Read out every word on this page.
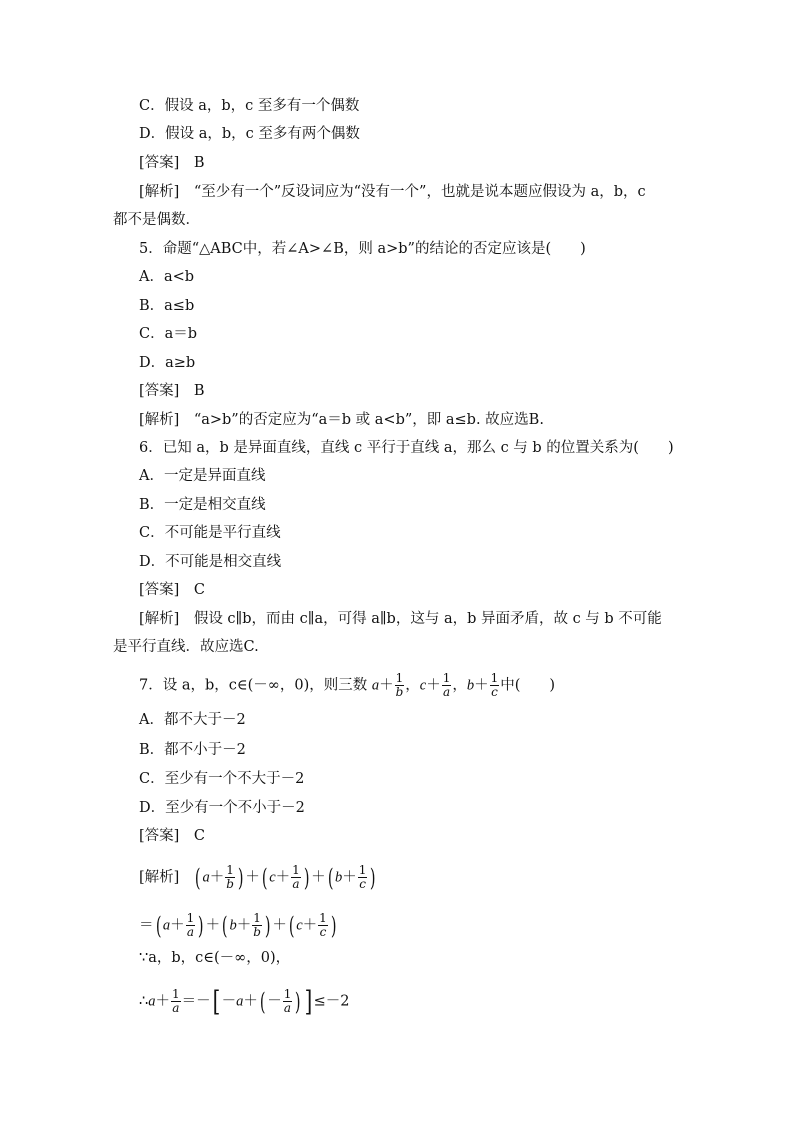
C．假设 a，b，c 至多有一个偶数
D．假设 a，b，c 至多有两个偶数
[答案]　B
[解析]　“至少有一个”反设词应为“没有一个”，也就是说本题应假设为 a，b，c
都不是偶数．
5．命题“△ABC中，若∠A>∠B，则 a>b”的结论的否定应该是(　　)
A．a<b
B．a≤b
C．a＝b
D．a≥b
[答案]　B
[解析]　“a>b”的否定应为“a＝b 或 a<b”，即 a≤b. 故应选B.
6．已知 a，b 是异面直线，直线 c 平行于直线 a，那么 c 与 b 的位置关系为(　　)
A．一定是异面直线
B．一定是相交直线
C．不可能是平行直线
D．不可能是相交直线
[答案]　C
[解析]　假设 c∥b，而由 c∥a，可得 a∥b，这与 a，b 异面矛盾，故 c 与 b 不可能
是平行直线．故应选C.
7．设 a，b，c∈(－∞，0)，则三数 $a+ \frac{1}{b}$ ，$c+ \frac{1}{a}$ ，$b+ \frac{1}{c}$ 中(　　)
A．都不大于－2
B．都不小于－2
C．至少有一个不大于－2
D．至少有一个不小于－2
[答案]　C
[解析] ( $a+ \frac{1}{b}$ ) ＋( $c+ \frac{1}{a}$ ) ＋( $b+ \frac{1}{c}$ )
＝( $a+ \frac{1}{a}$ ) ＋( $b+ \frac{1}{b}$ ) ＋( $c+ \frac{1}{c}$ )
∵a，b，c∈(－∞，0)，
∴a＋ $\frac{1}{a}$ ＝－[ $-a+( - \frac{1}{a}$ ) ] ≤－2
